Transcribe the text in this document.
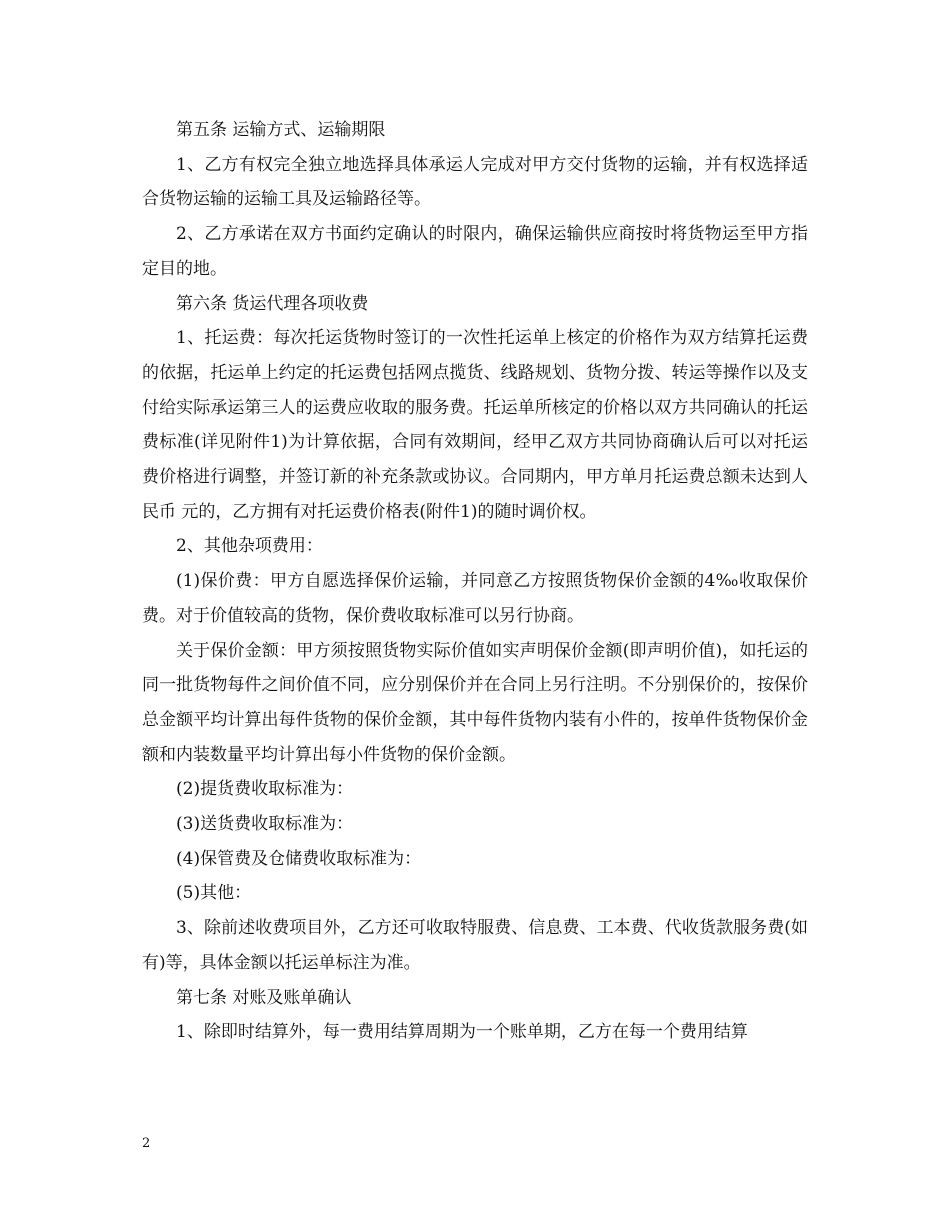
第五条 运输方式、运输期限

1、乙方有权完全独立地选择具体承运人完成对甲方交付货物的运输，并有权选择适合货物运输的运输工具及运输路径等。

2、乙方承诺在双方书面约定确认的时限内，确保运输供应商按时将货物运至甲方指定目的地。

第六条 货运代理各项收费

1、托运费：每次托运货物时签订的一次性托运单上核定的价格作为双方结算托运费的依据，托运单上约定的托运费包括网点揽货、线路规划、货物分拨、转运等操作以及支付给实际承运第三人的运费应收取的服务费。托运单所核定的价格以双方共同确认的托运费标准(详见附件1)为计算依据，合同有效期间，经甲乙双方共同协商确认后可以对托运费价格进行调整，并签订新的补充条款或协议。合同期内，甲方单月托运费总额未达到人民币 元的，乙方拥有对托运费价格表(附件1)的随时调价权。

2、其他杂项费用：

(1)保价费：甲方自愿选择保价运输，并同意乙方按照货物保价金额的4‰收取保价费。对于价值较高的货物，保价费收取标准可以另行协商。

关于保价金额：甲方须按照货物实际价值如实声明保价金额(即声明价值)，如托运的同一批货物每件之间价值不同，应分别保价并在合同上另行注明。不分别保价的，按保价总金额平均计算出每件货物的保价金额，其中每件货物内装有小件的，按单件货物保价金额和内装数量平均计算出每小件货物的保价金额。

(2)提货费收取标准为：

(3)送货费收取标准为：

(4)保管费及仓储费收取标准为：

(5)其他：

3、除前述收费项目外，乙方还可收取特服费、信息费、工本费、代收货款服务费(如有)等，具体金额以托运单标注为准。

第七条 对账及账单确认

1、除即时结算外，每一费用结算周期为一个账单期，乙方在每一个费用结算

2
